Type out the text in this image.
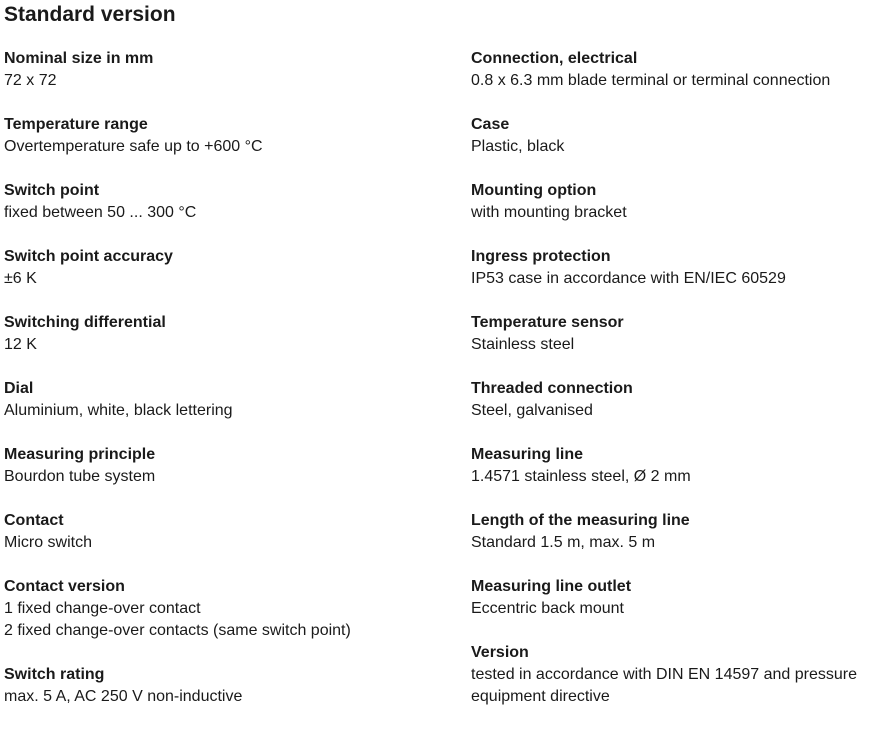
Standard version
Nominal size in mm
72 x 72
Temperature range
Overtemperature safe up to +600 °C
Switch point
fixed between 50 ... 300 °C
Switch point accuracy
±6 K
Switching differential
12 K
Dial
Aluminium, white, black lettering
Measuring principle
Bourdon tube system
Contact
Micro switch
Contact version
1 fixed change-over contact
2 fixed change-over contacts (same switch point)
Switch rating
max. 5 A, AC 250 V non-inductive
Connection, electrical
0.8 x 6.3 mm blade terminal or terminal connection
Case
Plastic, black
Mounting option
with mounting bracket
Ingress protection
IP53 case in accordance with EN/IEC 60529
Temperature sensor
Stainless steel
Threaded connection
Steel, galvanised
Measuring line
1.4571 stainless steel, Ø 2 mm
Length of the measuring line
Standard 1.5 m, max. 5 m
Measuring line outlet
Eccentric back mount
Version
tested in accordance with DIN EN 14597 and pressure
equipment directive
